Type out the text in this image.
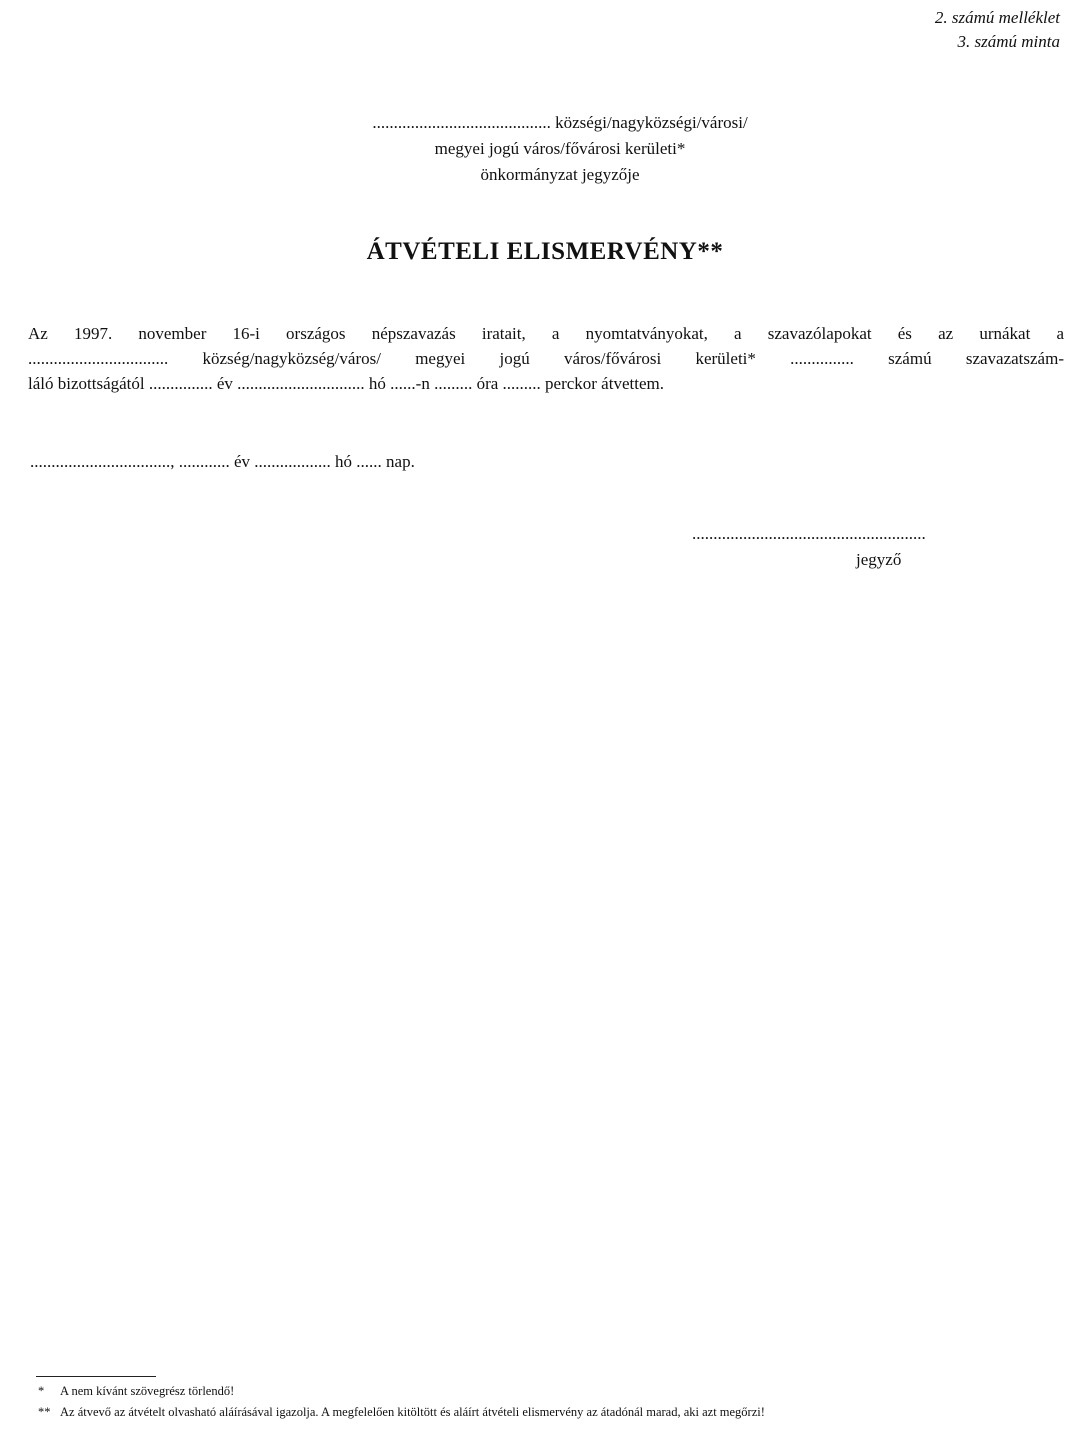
2. számú melléklet
3. számú minta
.......................................... községi/nagyközségi/városi/
megyei jogú város/fővárosi kerületi*
önkormányzat jegyzője
ÁTVÉTELI ELISMERVÉNY**
Az 1997. november 16-i országos népszavazás iratait, a nyomtatványokat, a szavazólapokat és az urnákat a
................................. község/nagyközség/város/ megyei jogú város/fővárosi kerületi* ............... számú szavazatszám-
láló bizottságától ............... év .............................. hó ......-n ......... óra ......... perckor átvettem.
................................., ............ év .................. hó ...... nap.
.......................................................
jegyző
* A nem kívánt szövegrész törlendő!
** Az átvevő az átvételt olvasható aláírásával igazolja. A megfelelően kitöltött és aláírt átvételi elismervény az átadónál marad, aki azt megőrzi!
